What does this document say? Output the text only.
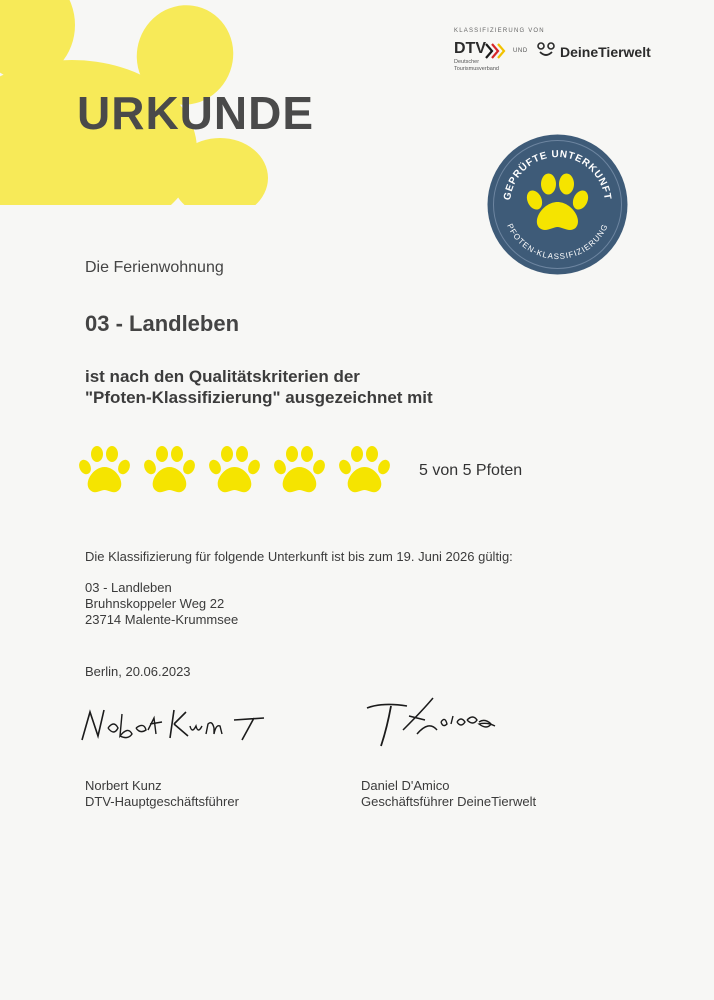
URKUNDE
KLASSIFIZIERUNG VON
DTV
Deutscher Tourismusverband
UND DeineTierwelt
GEPRÜFTE UNTERKUNFT
PFOTEN-KLASSIFIZIERUNG
Die Ferienwohnung
03 - Landleben
ist nach den Qualitätskriterien der
"Pfoten-Klassifizierung" ausgezeichnet mit
5 von 5 Pfoten
Die Klassifizierung für folgende Unterkunft ist bis zum 19. Juni 2026 gültig:
03 - Landleben
Bruhnskoppeler Weg 22
23714 Malente-Krummsee
Berlin, 20.06.2023
Norbert Kunz
DTV-Hauptgeschäftsführer
Daniel D'Amico
Geschäftsführer DeineTierwelt
